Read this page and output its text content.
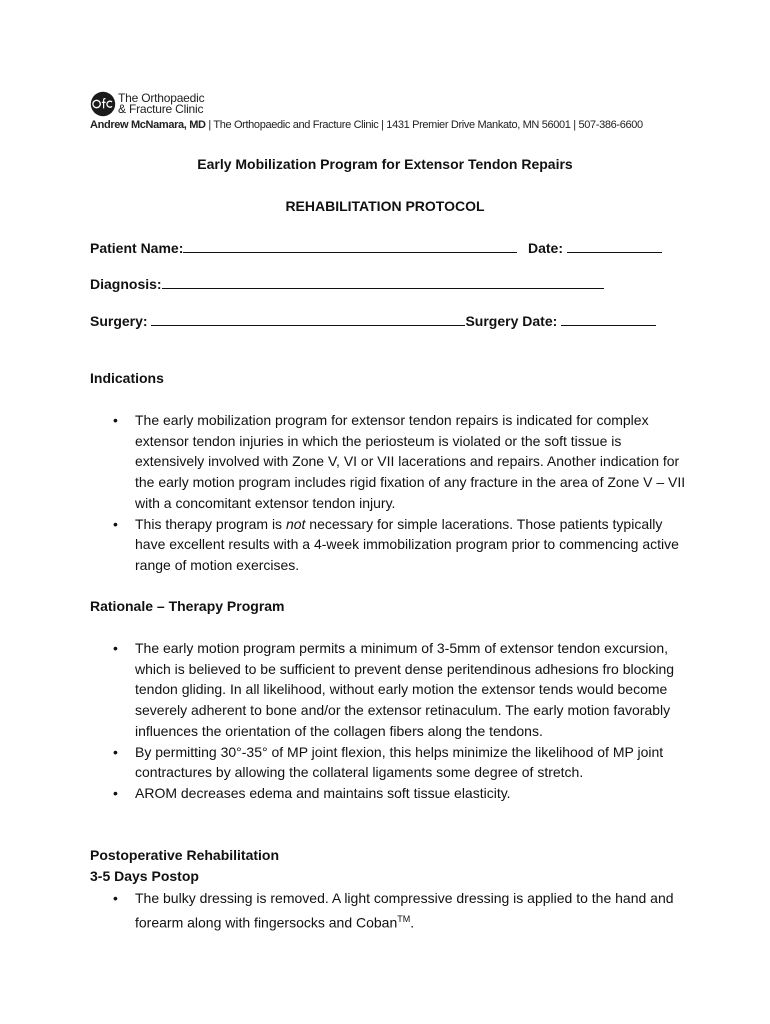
The Orthopaedic
& Fracture Clinic
Andrew McNamara, MD | The Orthopaedic and Fracture Clinic | 1431 Premier Drive Mankato, MN 56001 | 507-386-6600
Early Mobilization Program for Extensor Tendon Repairs
REHABILITATION PROTOCOL
Patient Name:	Date:
Diagnosis:
Surgery:	Surgery Date:
Indications
• The early mobilization program for extensor tendon repairs is indicated for complex extensor tendon injuries in which the periosteum is violated or the soft tissue is extensively involved with Zone V, VI or VII lacerations and repairs. Another indication for the early motion program includes rigid fixation of any fracture in the area of Zone V – VII with a concomitant extensor tendon injury.
• This therapy program is not necessary for simple lacerations. Those patients typically have excellent results with a 4-week immobilization program prior to commencing active range of motion exercises.
Rationale – Therapy Program
• The early motion program permits a minimum of 3-5mm of extensor tendon excursion, which is believed to be sufficient to prevent dense peritendinous adhesions fro blocking tendon gliding. In all likelihood, without early motion the extensor tends would become severely adherent to bone and/or the extensor retinaculum. The early motion favorably influences the orientation of the collagen fibers along the tendons.
• By permitting 30°-35° of MP joint flexion, this helps minimize the likelihood of MP joint contractures by allowing the collateral ligaments some degree of stretch.
• AROM decreases edema and maintains soft tissue elasticity.
Postoperative Rehabilitation
3-5 Days Postop
• The bulky dressing is removed. A light compressive dressing is applied to the hand and forearm along with fingersocks and Coban™.
